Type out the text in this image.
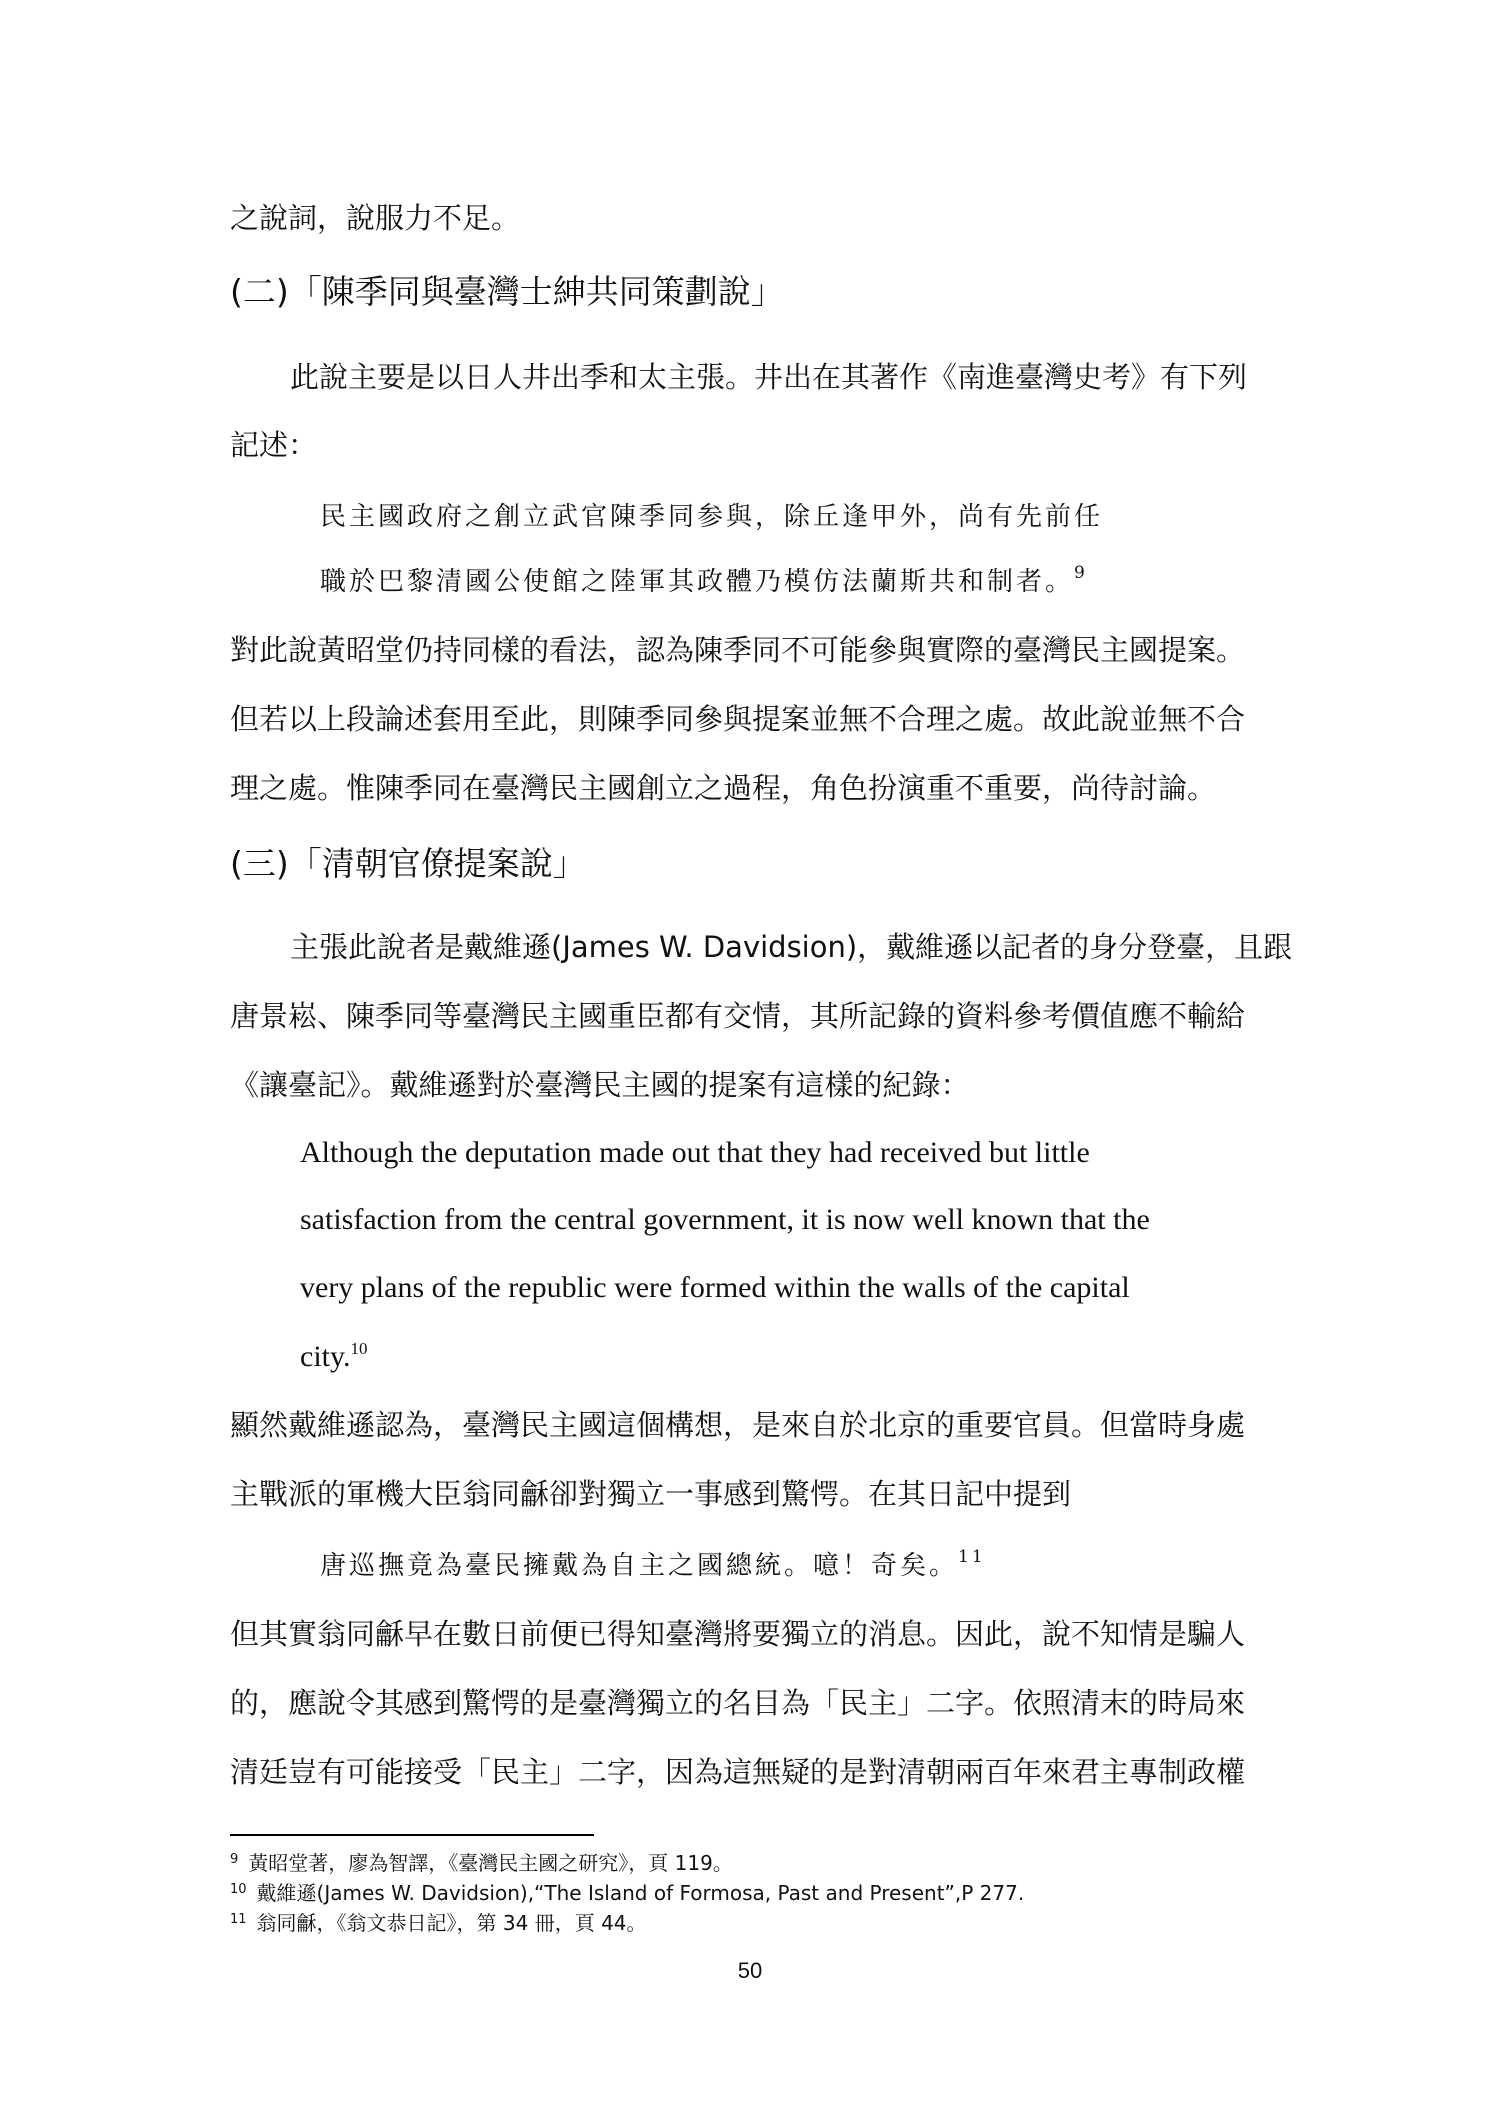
之說詞，說服力不足。
(二)「陳季同與臺灣士紳共同策劃說」
此說主要是以日人井出季和太主張。井出在其著作《南進臺灣史考》有下列
記述：
民主國政府之創立武官陳季同参與，除丘逢甲外，尚有先前任
職於巴黎清國公使館之陸軍其政體乃模仿法蘭斯共和制者。$^9$
對此說黃昭堂仍持同樣的看法，認為陳季同不可能參與實際的臺灣民主國提案。
但若以上段論述套用至此，則陳季同參與提案並無不合理之處。故此說並無不合
理之處。惟陳季同在臺灣民主國創立之過程，角色扮演重不重要，尚待討論。
(三)「清朝官僚提案說」
主張此說者是戴維遜(James W. Davidsion)，戴維遜以記者的身分登臺，且跟
唐景崧、陳季同等臺灣民主國重臣都有交情，其所記錄的資料參考價值應不輸給
《讓臺記》。戴維遜對於臺灣民主國的提案有這樣的紀錄：
Although the deputation made out that they had received but little
satisfaction from the central government, it is now well known that the
very plans of the republic were formed within the walls of the capital
city.$^{10}$
顯然戴維遜認為，臺灣民主國這個構想，是來自於北京的重要官員。但當時身處
主戰派的軍機大臣翁同龢卻對獨立一事感到驚愕。在其日記中提到
唐巡撫竟為臺民擁戴為自主之國總統。噫！奇矣。$^{11}$
但其實翁同龢早在數日前便已得知臺灣將要獨立的消息。因此，說不知情是騙人
的，應說令其感到驚愕的是臺灣獨立的名目為「民主」二字。依照清末的時局來
清廷豈有可能接受「民主」二字，因為這無疑的是對清朝兩百年來君主專制政權
$^9$ 黃昭堂著，廖為智譯，《臺灣民主國之研究》，頁 119。
$^{10}$ 戴維遜(James W. Davidsion),“The Island of Formosa, Past and Present”,P 277.
$^{11}$ 翁同龢，《翁文恭日記》，第 34 冊，頁 44。
50
